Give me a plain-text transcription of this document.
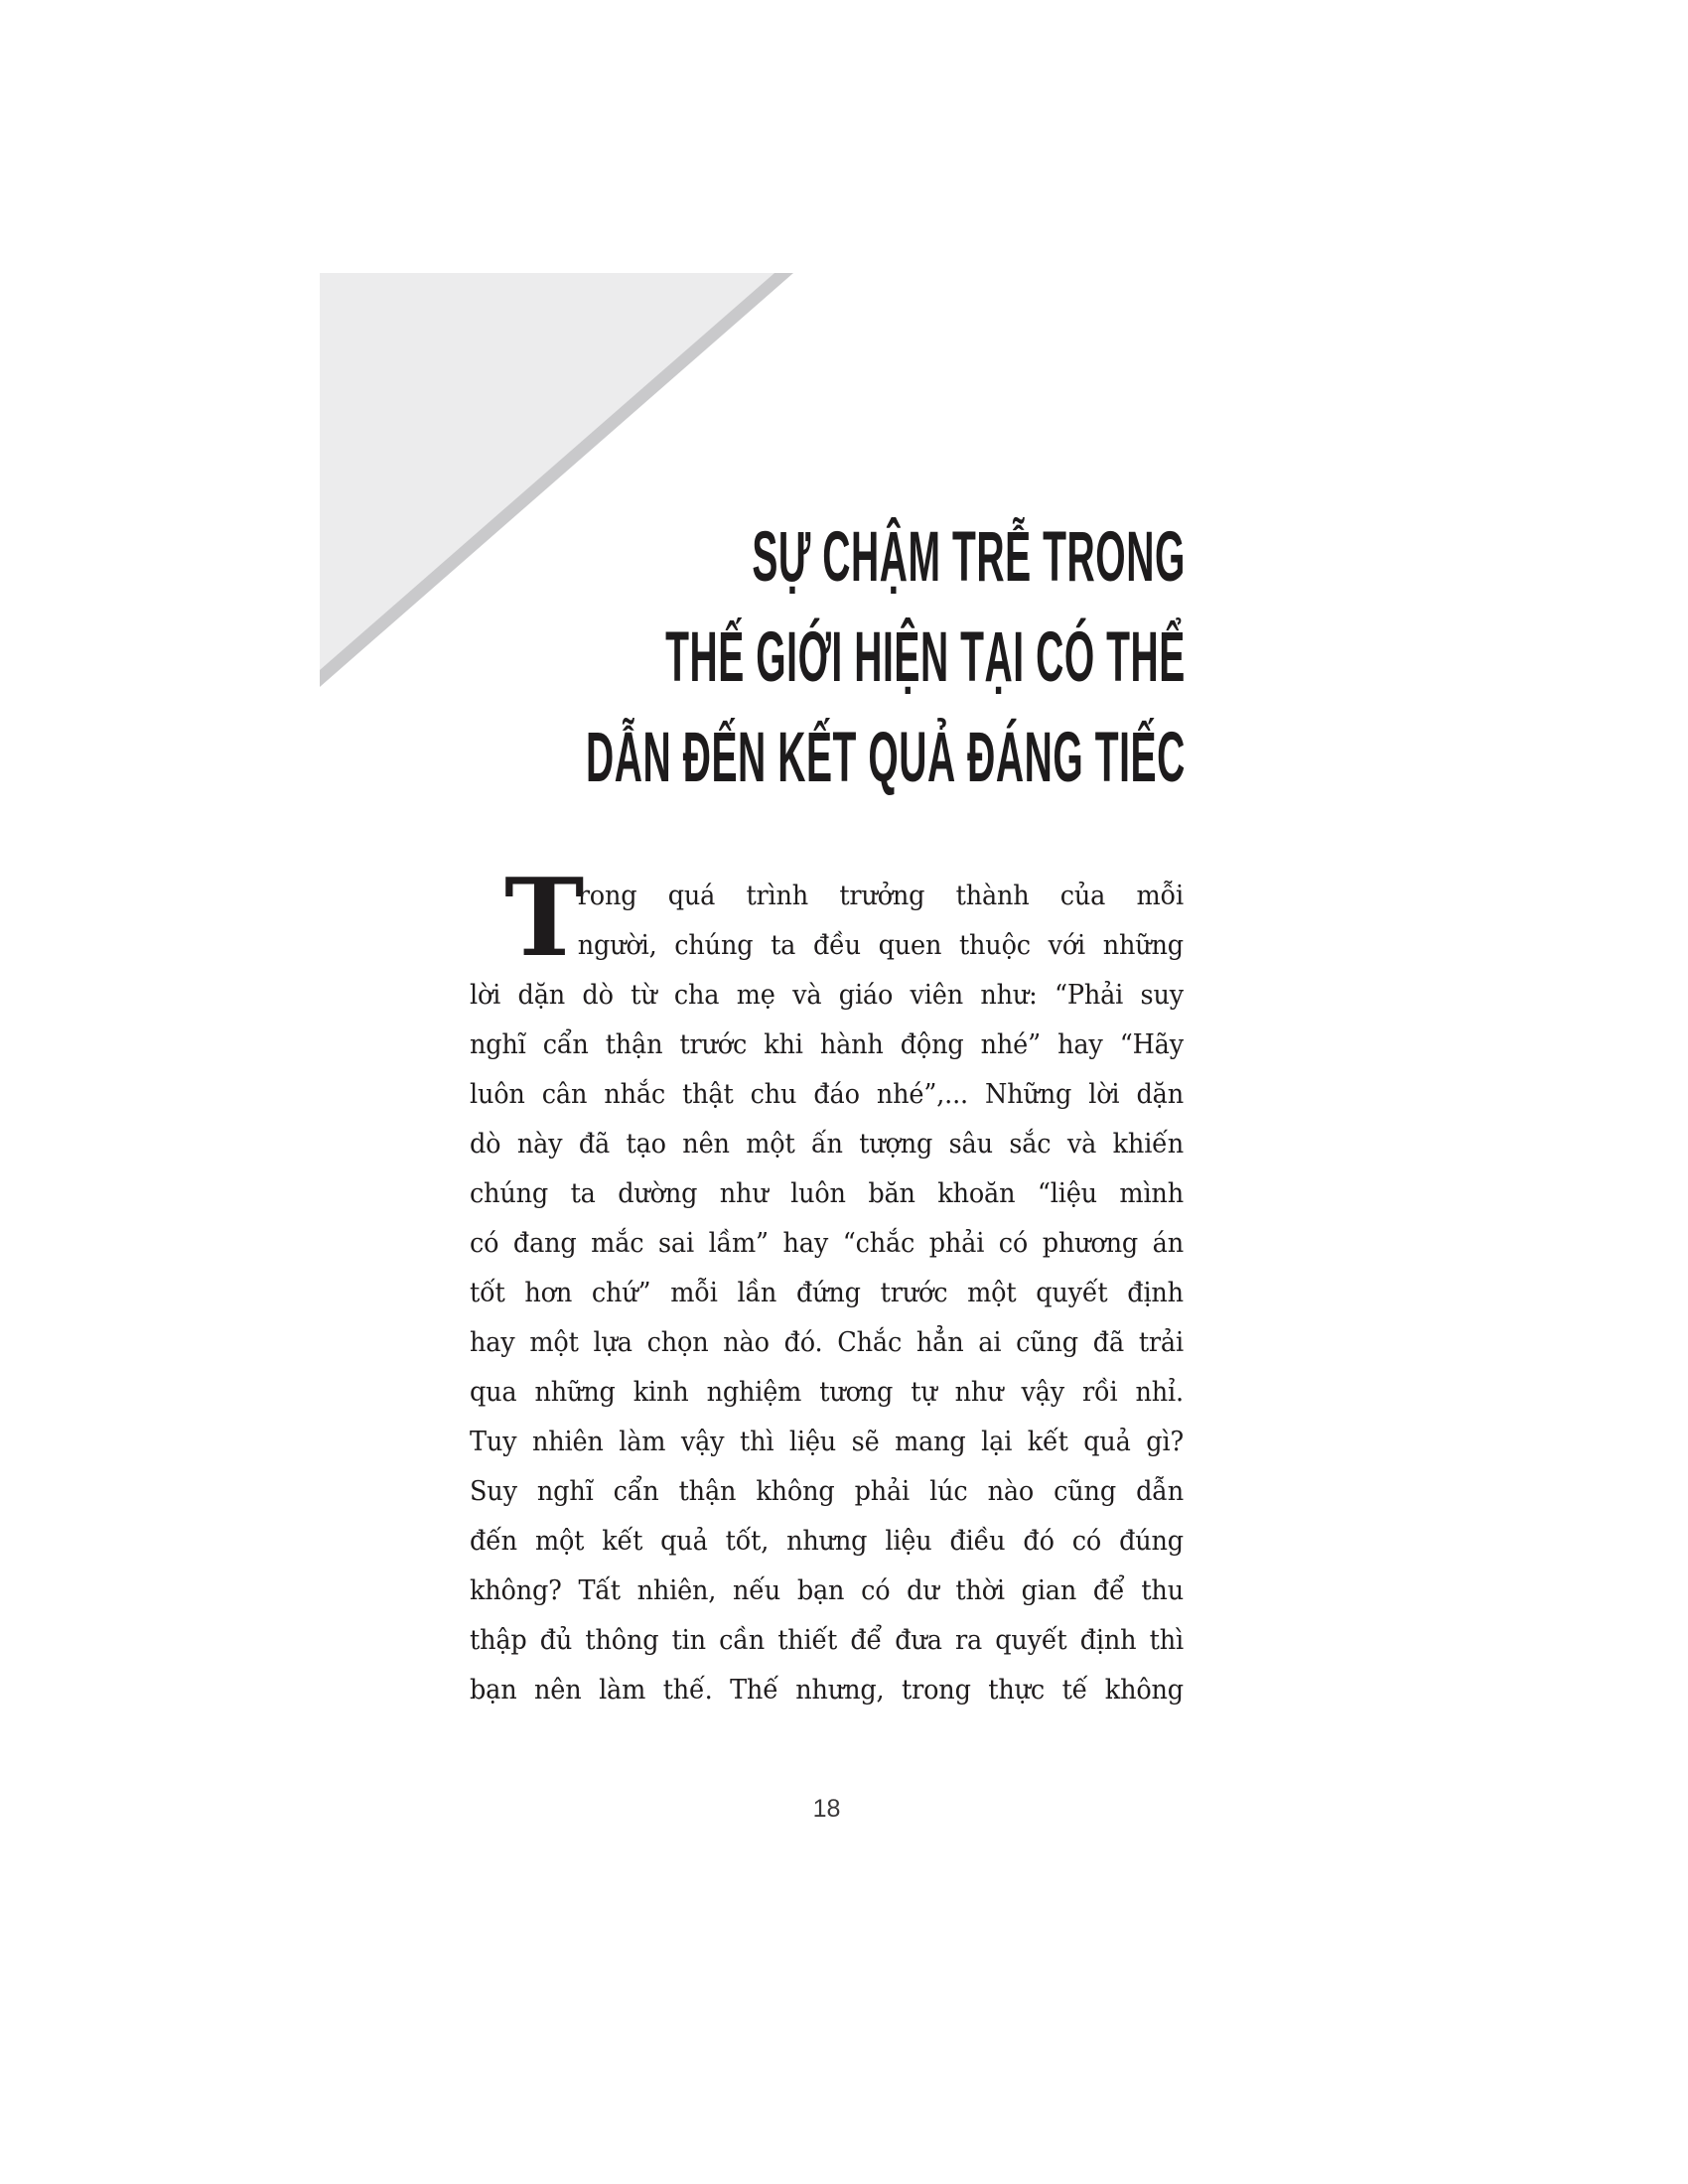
SỰ CHẬM TRỄ TRONG
THẾ GIỚI HIỆN TẠI CÓ THỂ
DẪN ĐẾN KẾT QUẢ ĐÁNG TIẾC
T
rong quá trình trưởng thành của mỗi
người, chúng ta đều quen thuộc với những
lời dặn dò từ cha mẹ và giáo viên như: “Phải suy
nghĩ cẩn thận trước khi hành động nhé” hay “Hãy
luôn cân nhắc thật chu đáo nhé”,... Những lời dặn
dò này đã tạo nên một ấn tượng sâu sắc và khiến
chúng ta dường như luôn băn khoăn “liệu mình
có đang mắc sai lầm” hay “chắc phải có phương án
tốt hơn chứ” mỗi lần đứng trước một quyết định
hay một lựa chọn nào đó. Chắc hẳn ai cũng đã trải
qua những kinh nghiệm tương tự như vậy rồi nhỉ.
Tuy nhiên làm vậy thì liệu sẽ mang lại kết quả gì?
Suy nghĩ cẩn thận không phải lúc nào cũng dẫn
đến một kết quả tốt, nhưng liệu điều đó có đúng
không? Tất nhiên, nếu bạn có dư thời gian để thu
thập đủ thông tin cần thiết để đưa ra quyết định thì
bạn nên làm thế. Thế nhưng, trong thực tế không
18
